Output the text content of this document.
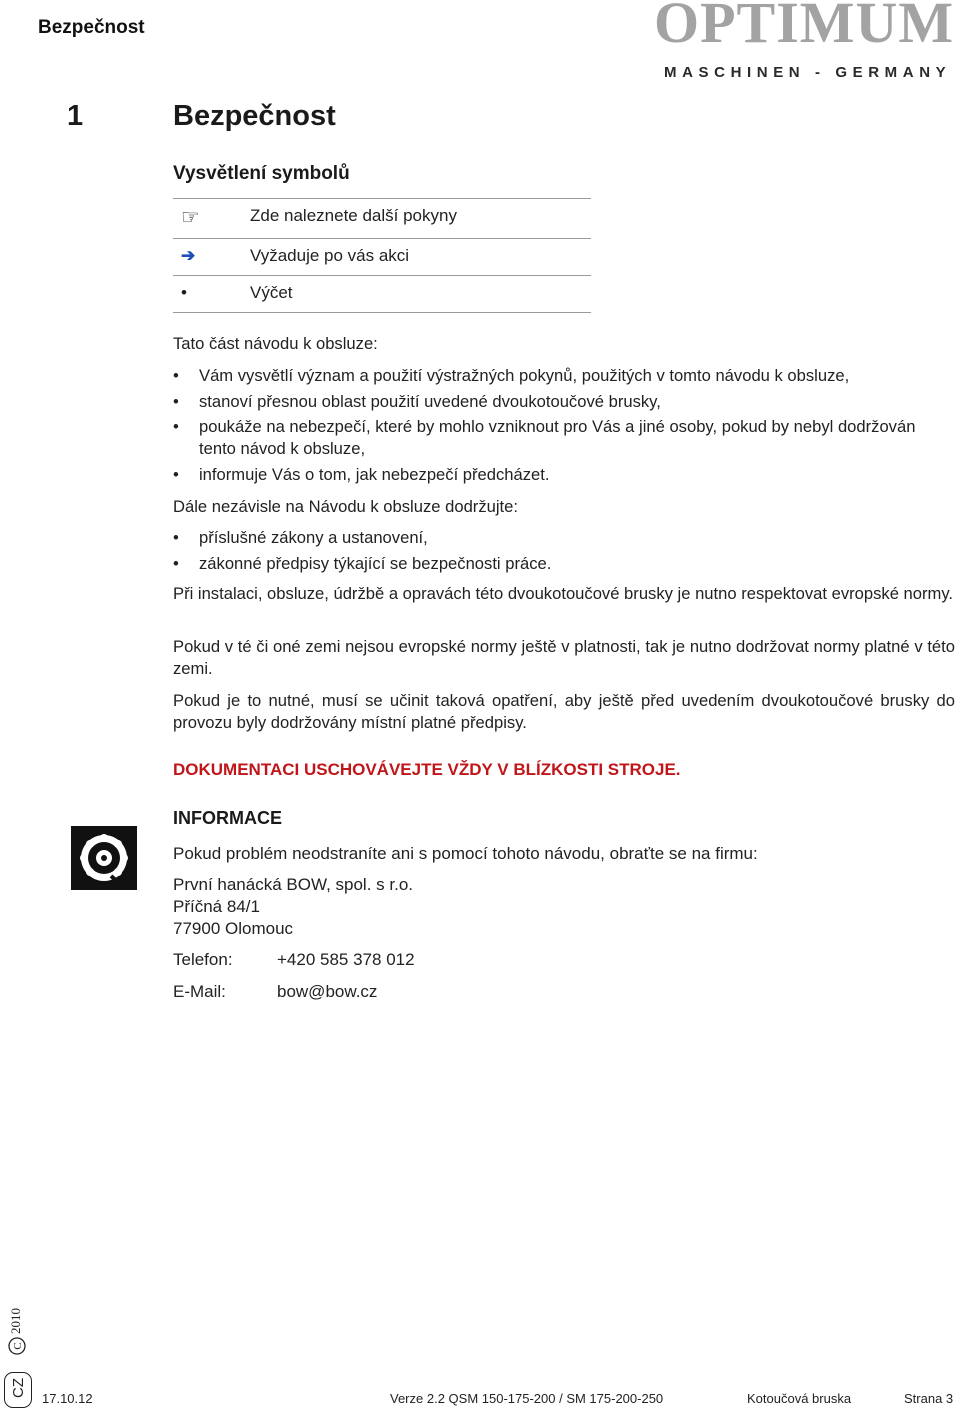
Bezpečnost	OPTIMUM
MASCHINEN - GERMANY
1	Bezpečnost
Vysvětlení symbolů
☞	Zde naleznete další pokyny
➔	Vyžaduje po vás akci
•	Výčet
Tato část návodu k obsluze:
• Vám vysvětlí význam a použití výstražných pokynů, použitých v tomto návodu k obsluze,
• stanoví přesnou oblast použití uvedené dvoukotoučové brusky,
• poukáže na nebezpečí, které by mohlo vzniknout pro Vás a jiné osoby, pokud by nebyl dodržován tento návod k obsluze,
• informuje Vás o tom, jak nebezpečí předcházet.
Dále nezávisle na Návodu k obsluze dodržujte:
• příslušné zákony a ustanovení,
• zákonné předpisy týkající se bezpečnosti práce.
Při instalaci, obsluze, údržbě a opravách této dvoukotoučové brusky je nutno respektovat evropské normy.
Pokud v té či oné zemi nejsou evropské normy ještě v platnosti, tak je nutno dodržovat normy platné v této zemi.
Pokud je to nutné, musí se učinit taková opatření, aby ještě před uvedením dvoukotoučové brusky do provozu byly dodržovány místní platné předpisy.
DOKUMENTACI USCHOVÁVEJTE VŽDY V BLÍZKOSTI STROJE.
INFORMACE
Pokud problém neodstraníte ani s pomocí tohoto návodu, obraťte se na firmu:
První hanácká BOW, spol. s r.o.
Příčná 84/1
77900 Olomouc
Telefon:	+420 585 378 012
E-Mail:	bow@bow.cz
C
2010
CZ
17.10.12	Verze 2.2 QSM 150-175-200 / SM 175-200-250	Kotoučová bruska	Strana 3
